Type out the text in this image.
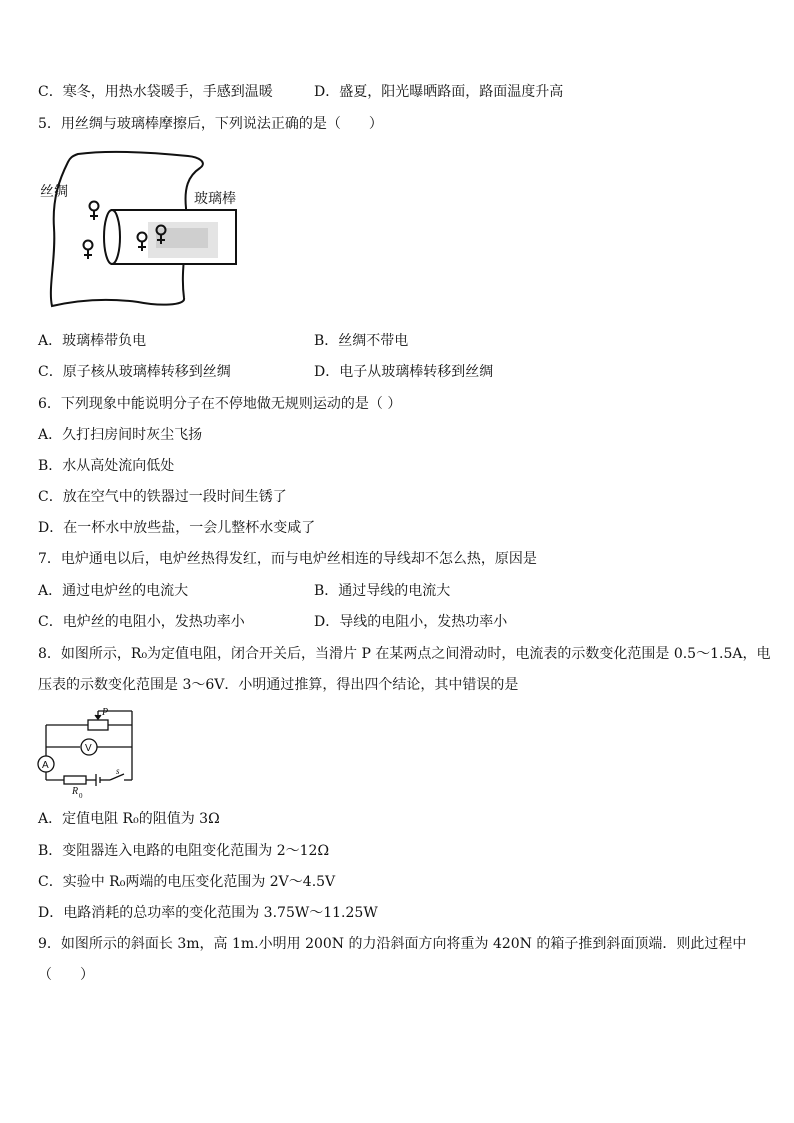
C．寒冬，用热水袋暖手，手感到温暖	D．盛夏，阳光曝晒路面，路面温度升高
5．用丝绸与玻璃棒摩擦后，下列说法正确的是（　　）
丝绸	玻璃棒
A．玻璃棒带负电	B．丝绸不带电
C．原子核从玻璃棒转移到丝绸	D．电子从玻璃棒转移到丝绸
6．下列现象中能说明分子在不停地做无规则运动的是（ ）
A．久打扫房间时灰尘飞扬
B．水从高处流向低处
C．放在空气中的铁器过一段时间生锈了
D．在一杯水中放些盐，一会儿整杯水变咸了
7．电炉通电以后，电炉丝热得发红，而与电炉丝相连的导线却不怎么热，原因是
A．通过电炉丝的电流大	B．通过导线的电流大
C．电炉丝的电阻小，发热功率小	D．导线的电阻小，发热功率小
8．如图所示，R₀为定值电阻，闭合开关后，当滑片 P 在某两点之间滑动时，电流表的示数变化范围是 0.5～1.5A，电
压表的示数变化范围是 3～6V．小明通过推算，得出四个结论，其中错误的是
P
V
A
R 0
s
A．定值电阻 R₀的阻值为 3Ω
B．变阻器连入电路的电阻变化范围为 2～12Ω
C．实验中 R₀两端的电压变化范围为 2V～4.5V
D．电路消耗的总功率的变化范围为 3.75W～11.25W
9．如图所示的斜面长 3m，高 1m.小明用 200N 的力沿斜面方向将重为 420N 的箱子推到斜面顶端．则此过程中
（　　）
